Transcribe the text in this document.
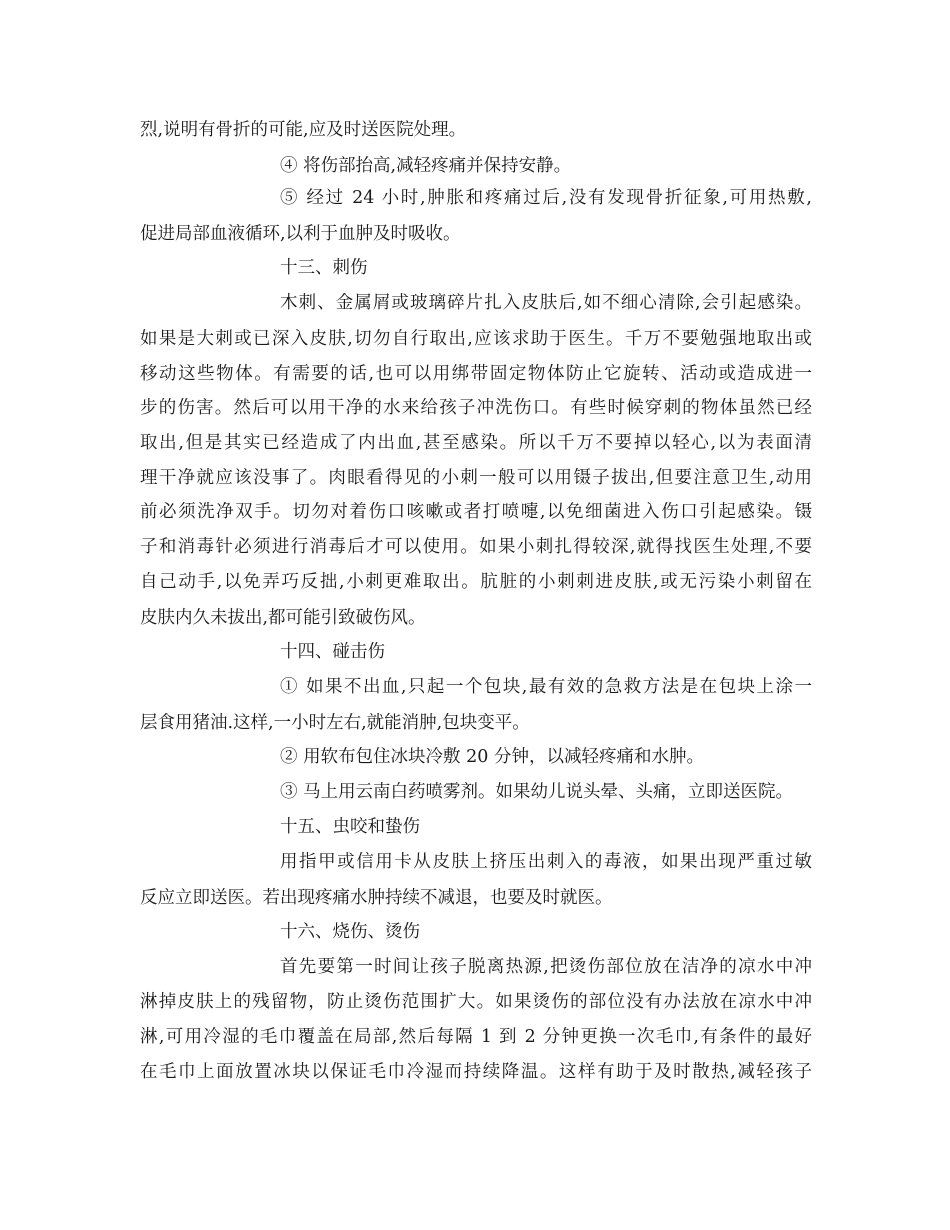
烈,说明有骨折的可能,应及时送医院处理。
④ 将伤部抬高,减轻疼痛并保持安静。
⑤ 经过 24 小时,肿胀和疼痛过后,没有发现骨折征象,可用热敷,
促进局部血液循环,以利于血肿及时吸收。
十三、刺伤
木刺、金属屑或玻璃碎片扎入皮肤后,如不细心清除,会引起感染。
如果是大刺或已深入皮肤,切勿自行取出,应该求助于医生。千万不要勉强地取出或
移动这些物体。有需要的话,也可以用绑带固定物体防止它旋转、活动或造成进一
步的伤害。然后可以用干净的水来给孩子冲洗伤口。有些时候穿刺的物体虽然已经
取出,但是其实已经造成了内出血,甚至感染。所以千万不要掉以轻心,以为表面清
理干净就应该没事了。肉眼看得见的小刺一般可以用镊子拔出,但要注意卫生,动用
前必须洗净双手。切勿对着伤口咳嗽或者打喷嚏,以免细菌进入伤口引起感染。镊
子和消毒针必须进行消毒后才可以使用。如果小刺扎得较深,就得找医生处理,不要
自己动手,以免弄巧反拙,小刺更难取出。肮脏的小刺刺进皮肤,或无污染小刺留在
皮肤内久未拔出,都可能引致破伤风。
十四、碰击伤
① 如果不出血,只起一个包块,最有效的急救方法是在包块上涂一
层食用猪油.这样,一小时左右,就能消肿,包块变平。
② 用软布包住冰块冷敷 20 分钟，以减轻疼痛和水肿。
③ 马上用云南白药喷雾剂。如果幼儿说头晕、头痛，立即送医院。
十五、虫咬和蛰伤
用指甲或信用卡从皮肤上挤压出刺入的毒液，如果出现严重过敏
反应立即送医。若出现疼痛水肿持续不减退，也要及时就医。
十六、烧伤、烫伤
首先要第一时间让孩子脱离热源,把烫伤部位放在洁净的凉水中冲
淋掉皮肤上的残留物，防止烫伤范围扩大。如果烫伤的部位没有办法放在凉水中冲
淋,可用冷湿的毛巾覆盖在局部,然后每隔 1 到 2 分钟更换一次毛巾,有条件的最好
在毛巾上面放置冰块以保证毛巾冷湿而持续降温。这样有助于及时散热,减轻孩子
